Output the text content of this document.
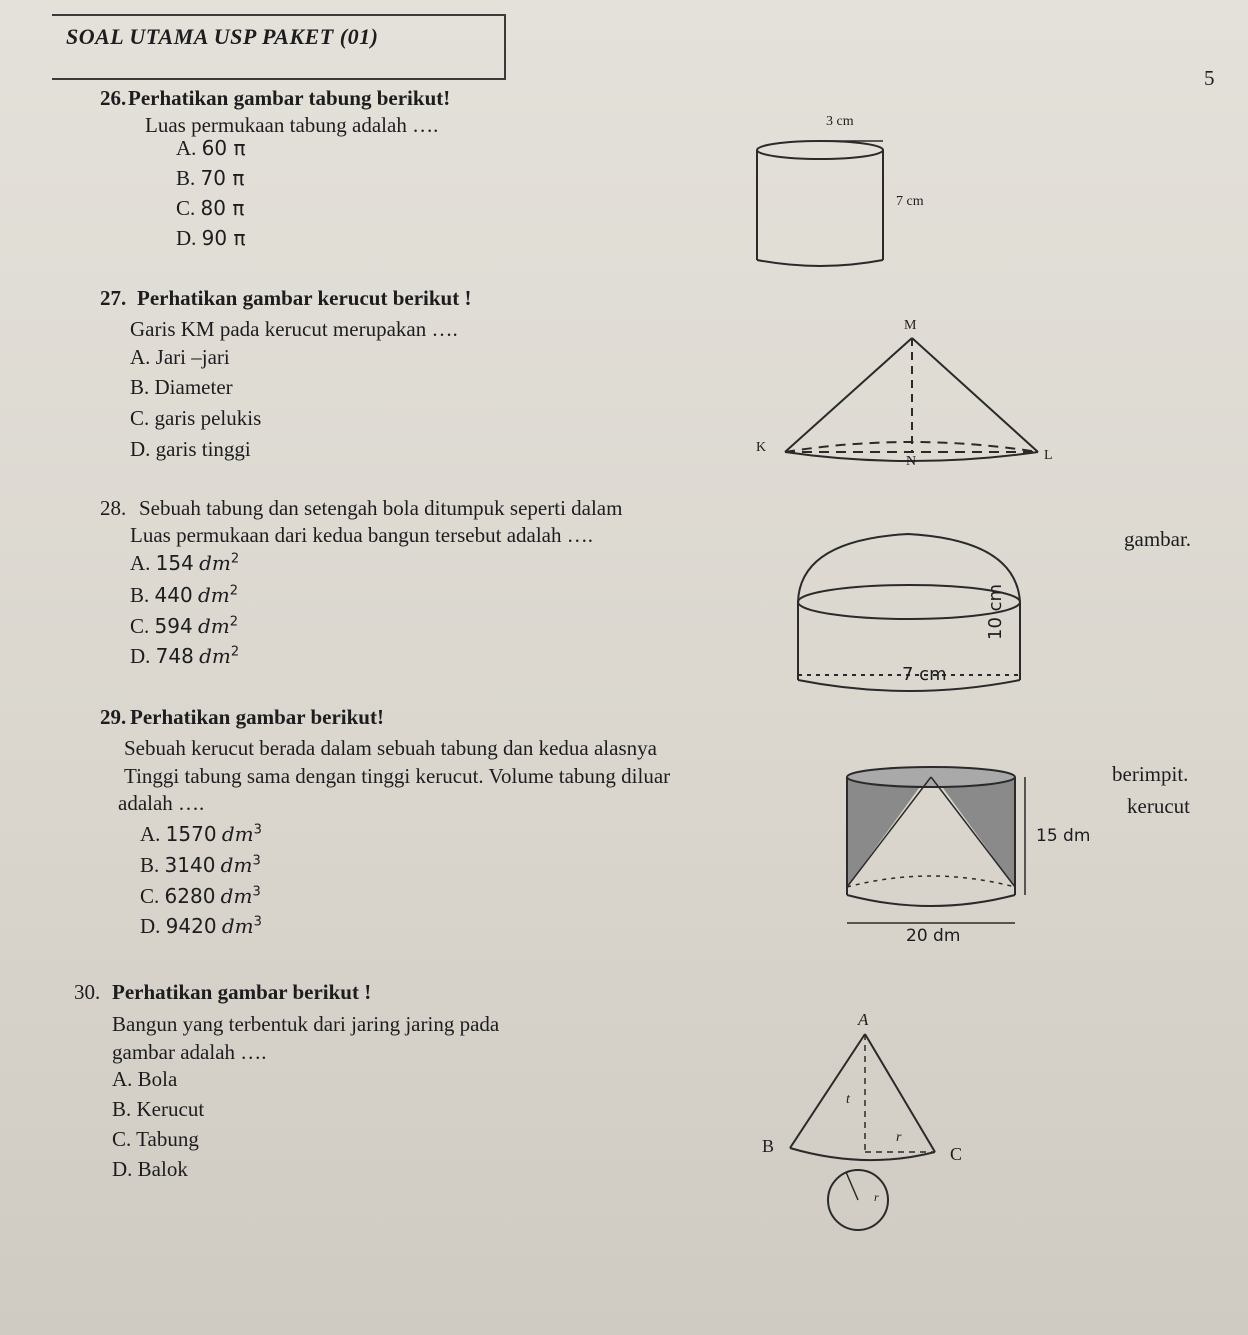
SOAL UTAMA USP PAKET (01)
5
26. Perhatikan gambar tabung berikut!
Luas permukaan tabung adalah ….
A. 60 π
B. 70 π
C. 80 π
D. 90 π
3 cm
7 cm
27. Perhatikan gambar kerucut berikut !
Garis KM pada kerucut merupakan ….
A. Jari –jari
B. Diameter
C. garis pelukis
D. garis tinggi
M
K
L
N
28. Sebuah tabung dan setengah bola ditumpuk seperti dalam
gambar.
Luas permukaan dari kedua bangun tersebut adalah ….
A. 154 $dm^2$
B. 440 $dm^2$
C. 594 $dm^2$
D. 748 $dm^2$
10 cm
7 cm
29. Perhatikan gambar berikut!
Sebuah kerucut berada dalam sebuah tabung dan kedua alasnya
berimpit.
Tinggi tabung sama dengan tinggi kerucut. Volume tabung diluar
kerucut
adalah ….
A. 1570 $dm^3$
B. 3140 $dm^3$
C. 6280 $dm^3$
D. 9420 $dm^3$
15 dm
20 dm
30. Perhatikan gambar berikut !
Bangun yang terbentuk dari jaring jaring pada
gambar adalah ….
A. Bola
B. Kerucut
C. Tabung
D. Balok
A
B	C
t
r
r
